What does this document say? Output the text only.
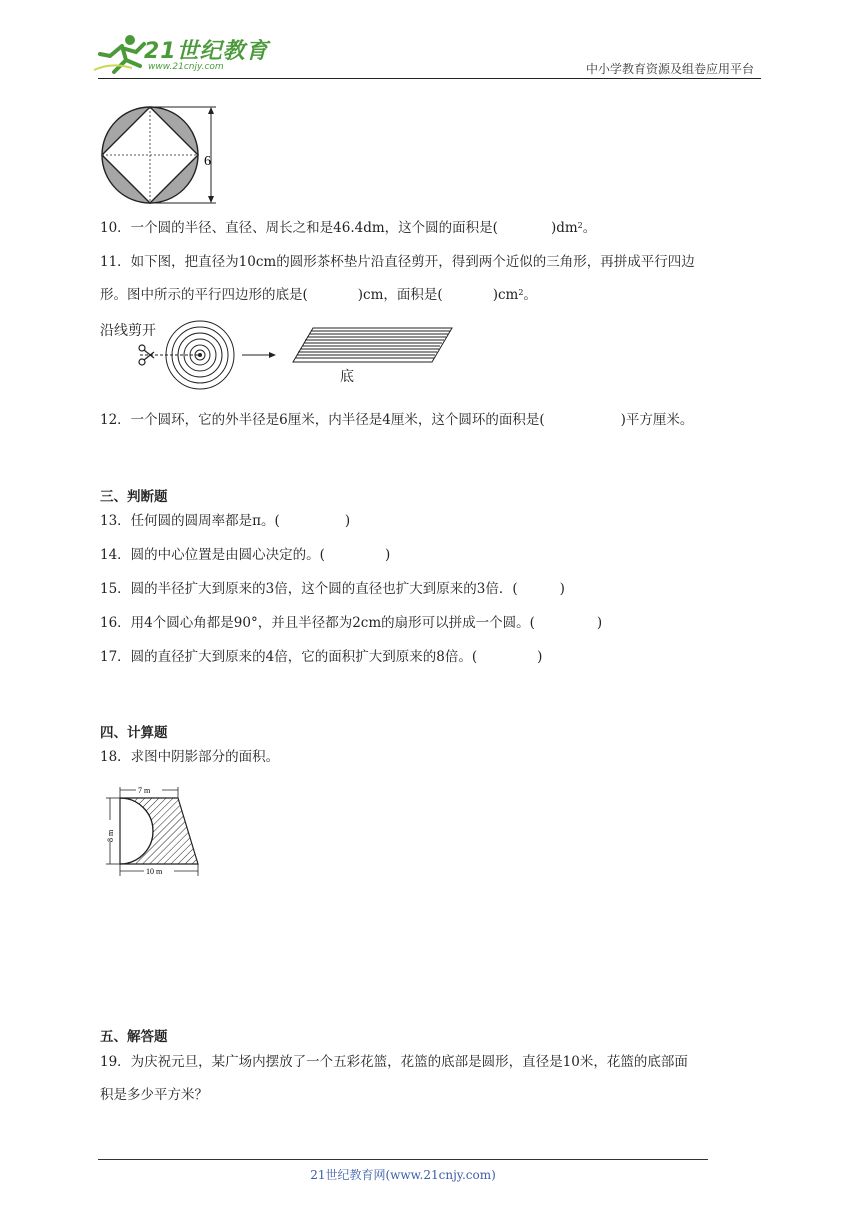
21世纪教育
www.21cnjy.com	中小学教育资源及组卷应用平台
6
10．一个圆的半径、直径、周长之和是46.4dm，这个圆的面积是(	)$dm^2$。
11．如下图，把直径为10cm的圆形茶杯垫片沿直径剪开，得到两个近似的三角形，再拼成平行四边
形。图中所示的平行四边形的底是(	)cm，面积是(	)$cm^2$。
沿线剪开
底
12．一个圆环，它的外半径是6厘米，内半径是4厘米，这个圆环的面积是(	)平方厘米。
三、判断题
13．任何圆的圆周率都是π。(	)
14．圆的中心位置是由圆心决定的。(	)
15．圆的半径扩大到原来的3倍，这个圆的直径也扩大到原来的3倍．(	)
16．用4个圆心角都是90°，并且半径都为2cm的扇形可以拼成一个圆。(	)
17．圆的直径扩大到原来的4倍，它的面积扩大到原来的8倍。(	)
四、计算题
18．求图中阴影部分的面积。
7 m
8 m
10 m
五、解答题
19．为庆祝元旦，某广场内摆放了一个五彩花篮，花篮的底部是圆形，直径是10米，花篮的底部面
积是多少平方米？
21世纪教育网(www.21cnjy.com)
